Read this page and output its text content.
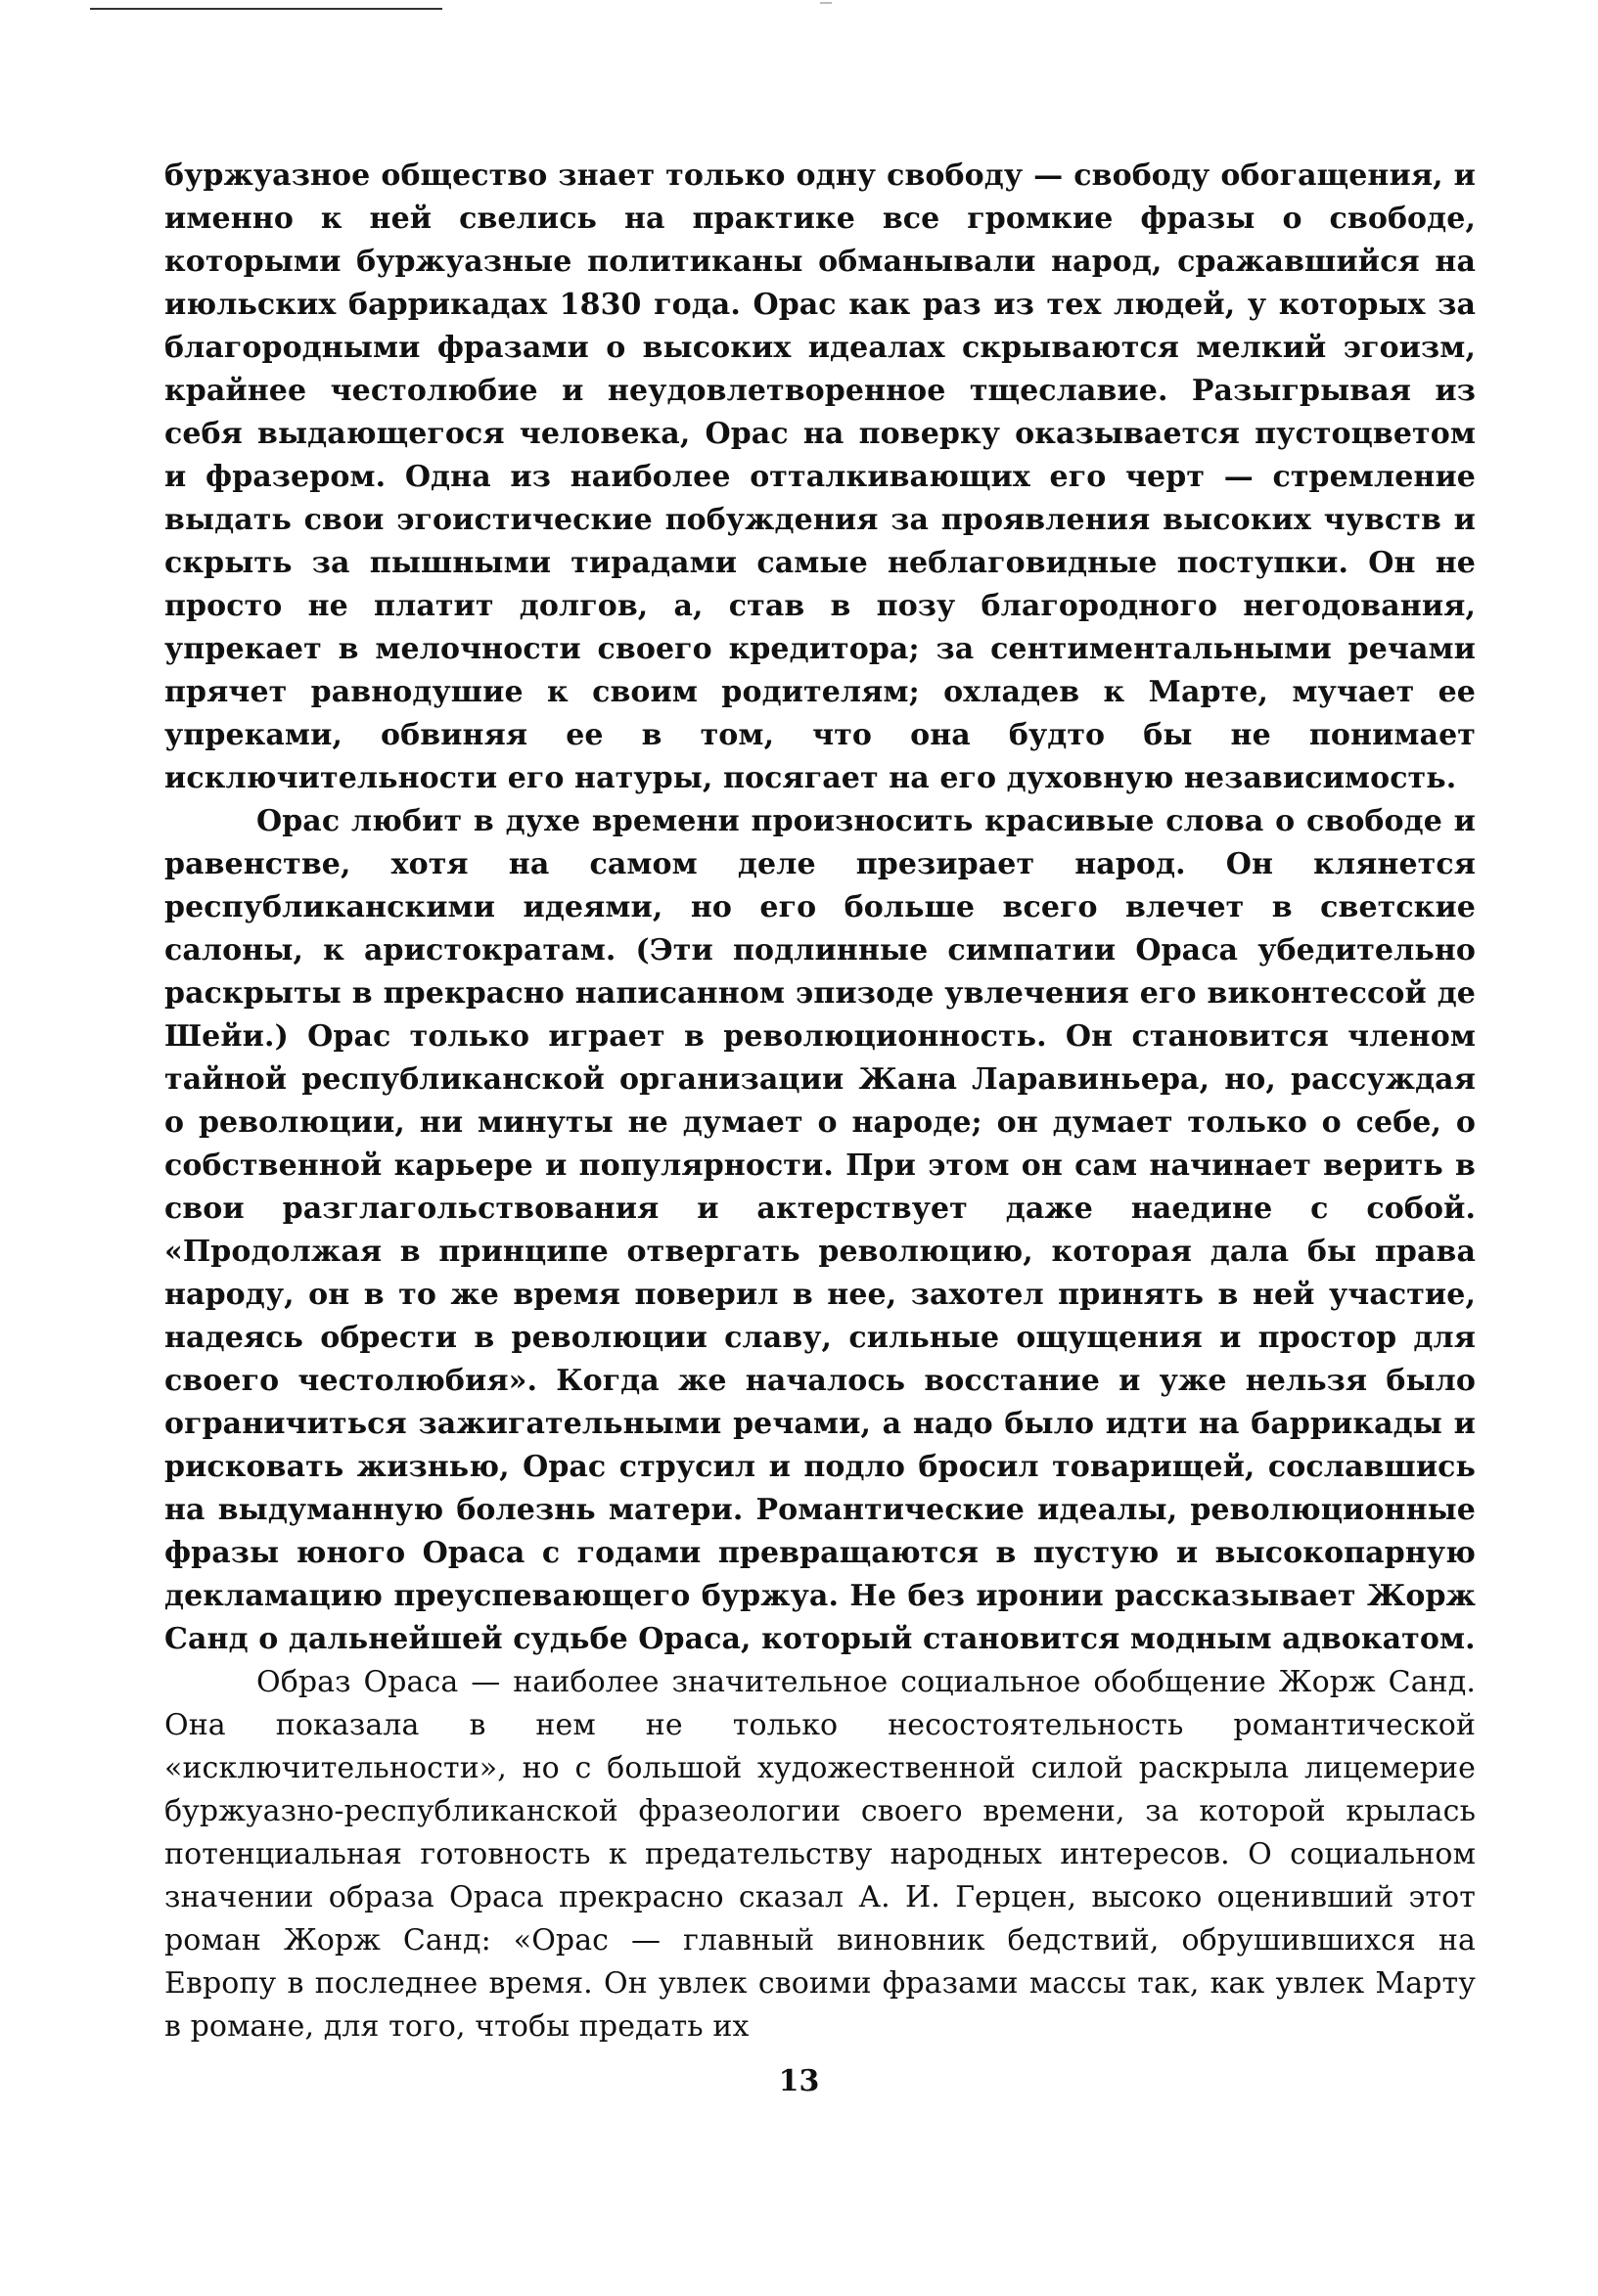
буржуазное общество знает только одну свободу — свободу обогащения, и именно к ней свелись на практике все громкие фразы о свободе, которыми буржуазные политиканы обманывали народ, сражавшийся на июльских баррикадах 1830 года. Орас как раз из тех людей, у которых за благородными фразами о высоких идеалах скрываются мелкий эгоизм, крайнее честолюбие и неудовлетворенное тщеславие. Разыгрывая из себя выдающегося человека, Орас на поверку оказывается пустоцветом и фразером. Одна из наиболее отталкивающих его черт — стремление выдать свои эгоистические побуждения за проявления высоких чувств и скрыть за пышными тирадами самые неблаговидные поступки. Он не просто не платит долгов, а, став в позу благородного негодования, упрекает в мелочности своего кредитора; за сентиментальными речами прячет равнодушие к своим родителям; охладев к Марте, мучает ее упреками, обвиняя ее в том, что она будто бы не понимает исключительности его натуры, посягает на его духовную независимость.

Орас любит в духе времени произносить красивые слова о свободе и равенстве, хотя на самом деле презирает народ. Он клянется республиканскими идеями, но его больше всего влечет в светские салоны, к аристократам. (Эти подлинные симпатии Ораса убедительно раскрыты в прекрасно написанном эпизоде увлечения его виконтессой де Шейи.) Орас только играет в революционность. Он становится членом тайной республиканской организации Жана Ларавиньера, но, рассуждая о революции, ни минуты не думает о народе; он думает только о себе, о собственной карьере и популярности. При этом он сам начинает верить в свои разглагольствования и актерствует даже наедине с собой. «Продолжая в принципе отвергать революцию, которая дала бы права народу, он в то же время поверил в нее, захотел принять в ней участие, надеясь обрести в революции славу, сильные ощущения и простор для своего честолюбия». Когда же началось восстание и уже нельзя было ограничиться зажигательными речами, а надо было идти на баррикады и рисковать жизнью, Орас струсил и подло бросил товарищей, сославшись на выдуманную болезнь матери. Романтические идеалы, революционные фразы юного Ораса с годами превращаются в пустую и высокопарную декламацию преуспевающего буржуа. Не без иронии рассказывает Жорж Санд о дальнейшей судьбе Ораса, который становится модным адвокатом.

Образ Ораса — наиболее значительное социальное обобщение Жорж Санд. Она показала в нем не только несостоятельность романтической «исключительности», но с большой художественной силой раскрыла лицемерие буржуазно-республиканской фразеологии своего времени, за которой крылась потенциальная готовность к предательству народных интересов. О социальном значении образа Ораса прекрасно сказал А. И. Герцен, высоко оценивший этот роман Жорж Санд: «Орас — главный виновник бедствий, обрушившихся на Европу в последнее время. Он увлек своими фразами массы так, как увлек Марту в романе, для того, чтобы предать их

13
